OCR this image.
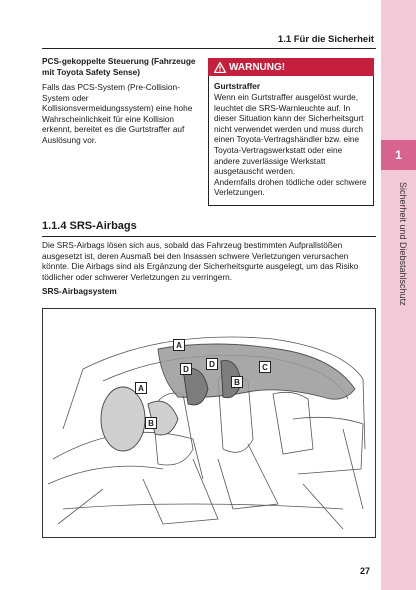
1.1 Für die Sicherheit
1
Sicherheit und Diebstahlschutz
PCS-gekoppelte Steuerung (Fahrzeuge mit Toyota Safety Sense)
Falls das PCS-System (Pre-Collision-System oder Kollisionsvermeidungssystem) eine hohe Wahrscheinlichkeit für eine Kollision erkennt, bereitet es die Gurtstraffer auf Auslösung vor.
WARNUNG!
Gurtstraffer

Wenn ein Gurtstraffer ausgelöst wurde, leuchtet die SRS-Warnleuchte auf. In dieser Situation kann der Sicherheitsgurt nicht verwendet werden und muss durch einen Toyota-Vertragshändler bzw. eine Toyota-Vertragswerkstatt oder eine andere zuverlässige Werkstatt ausgetauscht werden.

Andernfalls drohen tödliche oder schwere Verletzungen.

1.1.4 SRS-Airbags
Die SRS-Airbags lösen sich aus, sobald das Fahrzeug bestimmten Aufprallstößen ausgesetzt ist, deren Ausmaß bei den Insassen schwere Verletzungen verursachen könnte. Die Airbags sind als Ergänzung der Sicherheitsgurte ausgelegt, um das Risiko tödlicher oder schwerer Verletzungen zu verringern.
SRS-Airbagsystem
A
A
B
B
C
D
D
27
